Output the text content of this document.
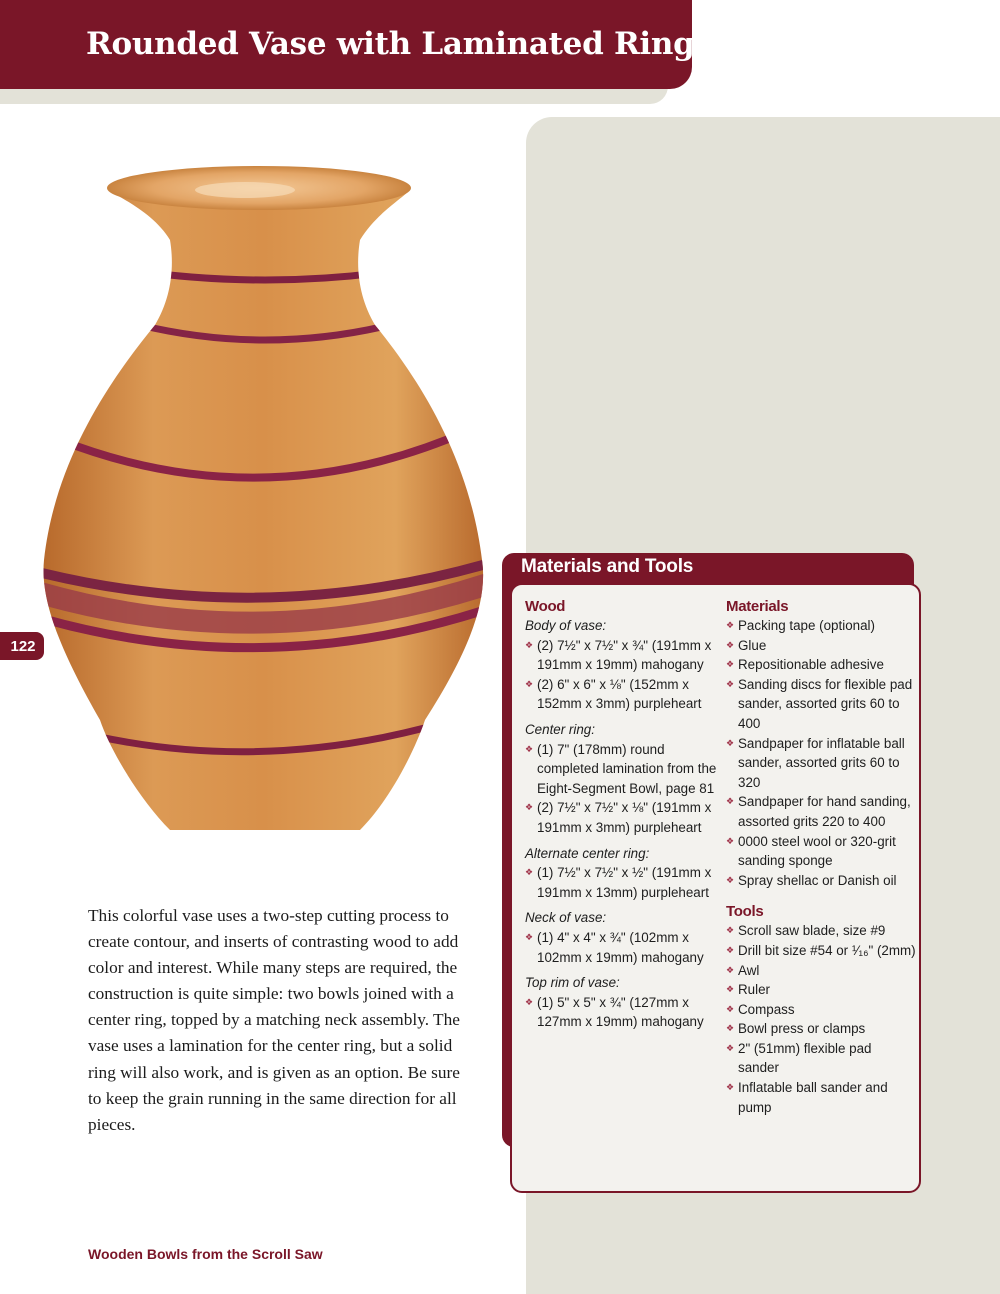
Rounded Vase with Laminated Rings
122

This colorful vase uses a two-step cutting process to create contour, and inserts of contrasting wood to add color and interest. While many steps are required, the construction is quite simple: two bowls joined with a center ring, topped by a matching neck assembly. The vase uses a lamination for the center ring, but a solid ring will also work, and is given as an option. Be sure to keep the grain running in the same direction for all pieces.

Wooden Bowls from the Scroll Saw
Materials and Tools
Wood
Body of vase:
❖ (2) 7½" x 7½" x ¾" (191mm x 191mm x 19mm) mahogany
❖ (2) 6" x 6" x ⅛" (152mm x 152mm x 3mm) purpleheart
Center ring:
❖ (1) 7" (178mm) round completed lamination from the Eight-Segment Bowl, page 81
❖ (2) 7½" x 7½" x ⅛" (191mm x 191mm x 3mm) purpleheart
Alternate center ring:
❖ (1) 7½" x 7½" x ½" (191mm x 191mm x 13mm) purpleheart
Neck of vase:
❖ (1) 4" x 4" x ¾" (102mm x 102mm x 19mm) mahogany
Top rim of vase:
❖ (1) 5" x 5" x ¾" (127mm x 127mm x 19mm) mahogany
Materials
❖ Packing tape (optional)
❖ Glue
❖ Repositionable adhesive
❖ Sanding discs for flexible pad sander, assorted grits 60 to 400
❖ Sandpaper for inflatable ball sander, assorted grits 60 to 320
❖ Sandpaper for hand sanding, assorted grits 220 to 400
❖ 0000 steel wool or 320-grit sanding sponge
❖ Spray shellac or Danish oil
Tools
❖ Scroll saw blade, size #9
❖ Drill bit size #54 or ¹⁄₁₆" (2mm)
❖ Awl
❖ Ruler
❖ Compass
❖ Bowl press or clamps
❖ 2" (51mm) flexible pad sander
❖ Inflatable ball sander and pump
